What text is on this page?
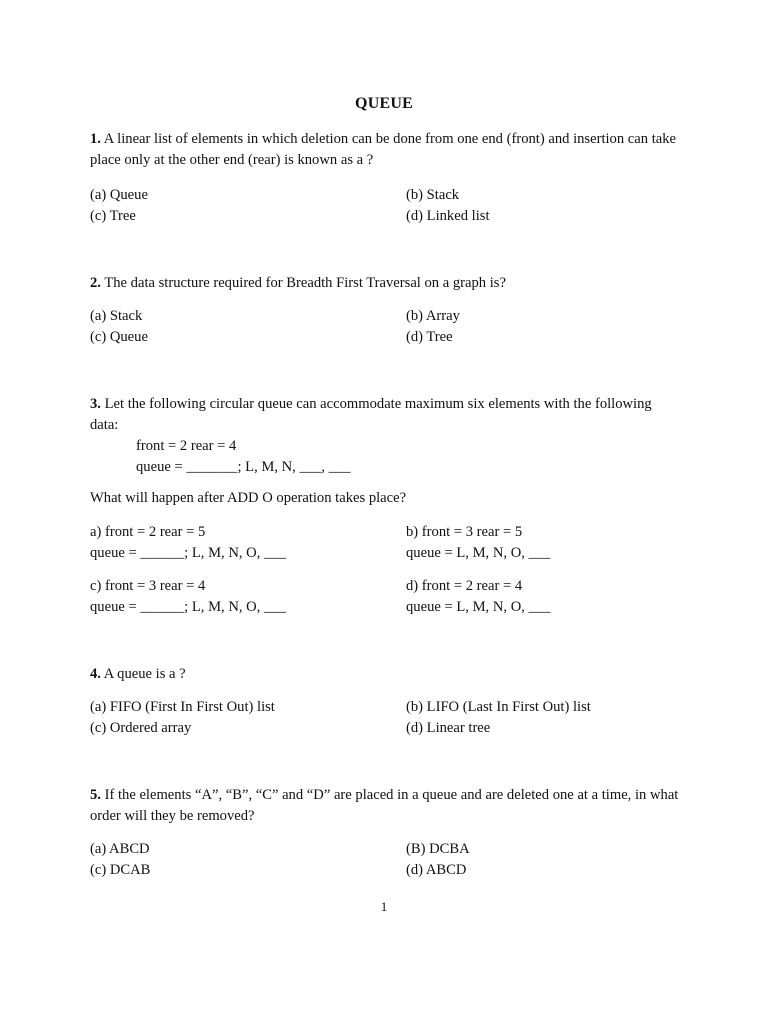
QUEUE

1. A linear list of elements in which deletion can be done from one end (front) and insertion can take place only at the other end (rear) is known as a ?

(a) Queue	(b) Stack
(c) Tree	(d) Linked list

2. The data structure required for Breadth First Traversal on a graph is?

(a) Stack	(b) Array
(c) Queue	(d) Tree

3. Let the following circular queue can accommodate maximum six elements with the following data:

front = 2 rear = 4
queue = _______; L, M, N, ___, ___
What will happen after ADD O operation takes place?
a) front = 2 rear = 5
queue = ______; L, M, N, O, ___
b) front = 3 rear = 5
queue = L, M, N, O, ___
c) front = 3 rear = 4
queue = ______; L, M, N, O, ___
d) front = 2 rear = 4
queue = L, M, N, O, ___

4. A queue is a ?

(a) FIFO (First In First Out) list	(b) LIFO (Last In First Out) list
(c) Ordered array	(d) Linear tree

5. If the elements “A”, “B”, “C” and “D” are placed in a queue and are deleted one at a time, in what order will they be removed?

(a) ABCD	(B) DCBA
(c) DCAB	(d) ABCD
1
